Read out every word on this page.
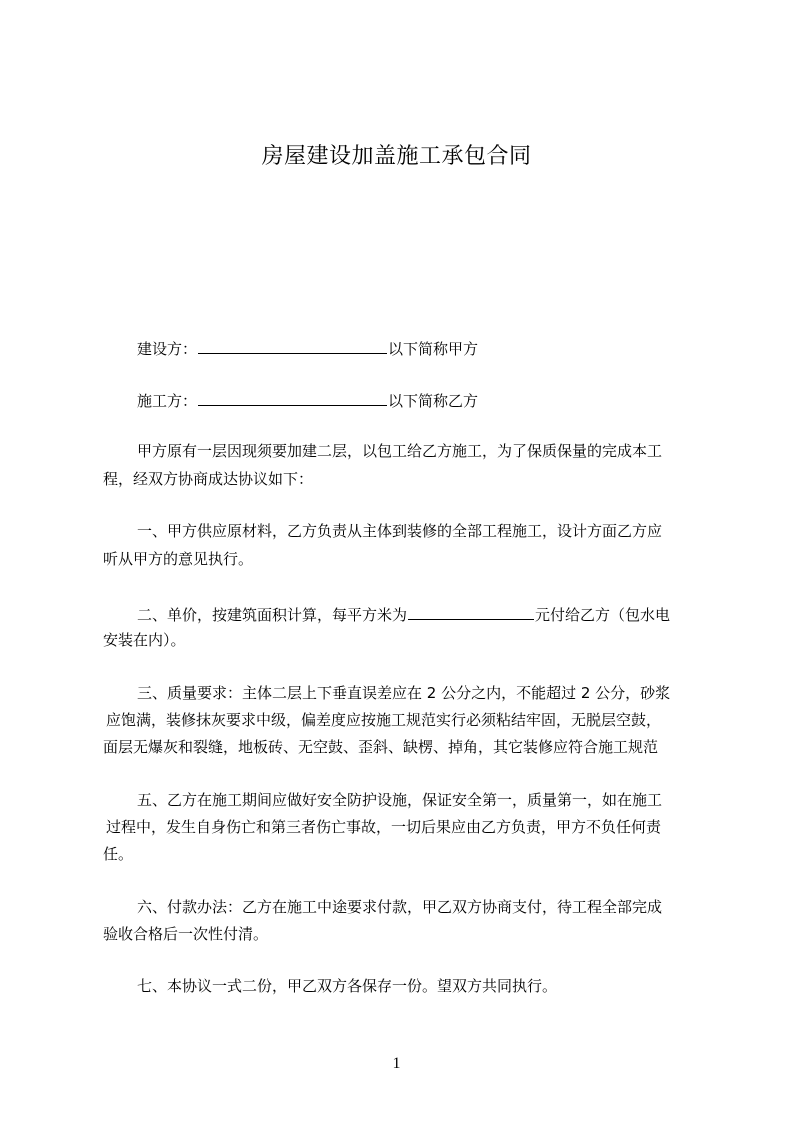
房屋建设加盖施工承包合同
建设方：	以下简称甲方
施工方：	以下简称乙方
甲方原有一层因现须要加建二层，以包工给乙方施工，为了保质保量的完成本工
程，经双方协商成达协议如下：
一、甲方供应原材料，乙方负责从主体到装修的全部工程施工，设计方面乙方应
听从甲方的意见执行。
二、单价，按建筑面积计算，每平方米为	元付给乙方（包水电
安装在内）。
三、质量要求：主体二层上下垂直误差应在 2 公分之内，不能超过 2 公分，砂浆
应饱满，装修抹灰要求中级，偏差度应按施工规范实行必须粘结牢固，无脱层空鼓，
面层无爆灰和裂缝，地板砖、无空鼓、歪斜、缺楞、掉角，其它装修应符合施工规范
五、乙方在施工期间应做好安全防护设施，保证安全第一，质量第一，如在施工
过程中，发生自身伤亡和第三者伤亡事故，一切后果应由乙方负责，甲方不负任何责
任。
六、付款办法：乙方在施工中途要求付款，甲乙双方协商支付，待工程全部完成
验收合格后一次性付清。
七、本协议一式二份，甲乙双方各保存一份。望双方共同执行。
1
